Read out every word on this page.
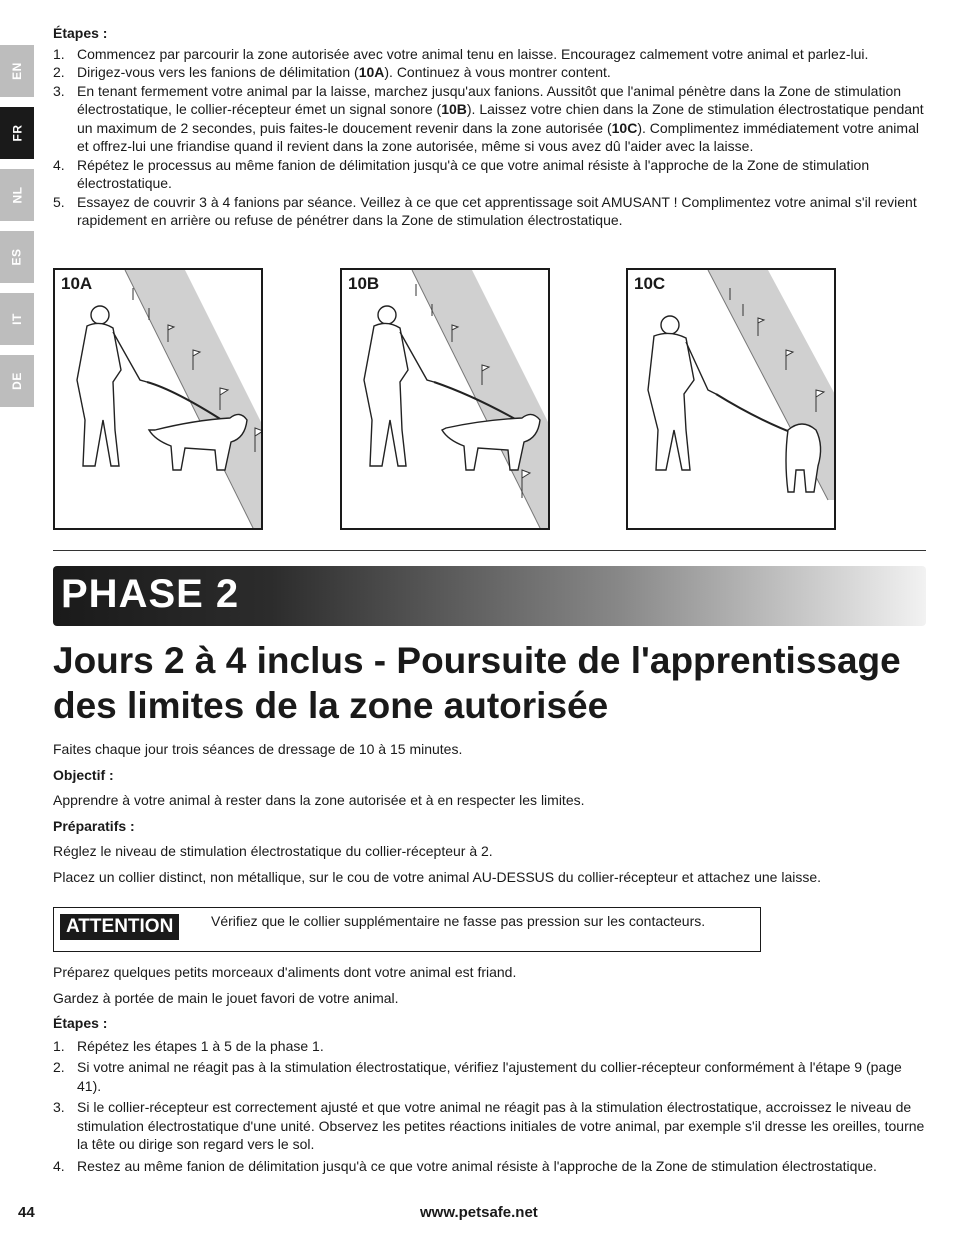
EN
FR
NL
ES
IT
DE
Étapes :
1. Commencez par parcourir la zone autorisée avec votre animal tenu en laisse. Encouragez calmement votre animal et parlez-lui.
2. Dirigez-vous vers les fanions de délimitation (10A). Continuez à vous montrer content.
3. En tenant fermement votre animal par la laisse, marchez jusqu'aux fanions. Aussitôt que l'animal pénètre dans la Zone de stimulation électrostatique, le collier-récepteur émet un signal sonore (10B). Laissez votre chien dans la Zone de stimulation électrostatique pendant un maximum de 2 secondes, puis faites-le doucement revenir dans la zone autorisée (10C). Complimentez immédiatement votre animal et offrez-lui une friandise quand il revient dans la zone autorisée, même si vous avez dû l'aider avec la laisse.
4. Répétez le processus au même fanion de délimitation jusqu'à ce que votre animal résiste à l'approche de la Zone de stimulation électrostatique.
5. Essayez de couvrir 3 à 4 fanions par séance. Veillez à ce que cet apprentissage soit AMUSANT ! Complimentez votre animal s'il revient rapidement en arrière ou refuse de pénétrer dans la Zone de stimulation électrostatique.
10A	10B	10C
PHASE 2
Jours 2 à 4 inclus - Poursuite de l'apprentissage des limites de la zone autorisée

Faites chaque jour trois séances de dressage de 10 à 15 minutes.

Objectif :

Apprendre à votre animal à rester dans la zone autorisée et à en respecter les limites.

Préparatifs :

Réglez le niveau de stimulation électrostatique du collier-récepteur à 2.

Placez un collier distinct, non métallique, sur le cou de votre animal AU-DESSUS du collier-récepteur et attachez une laisse.

ATTENTION	Vérifiez que le collier supplémentaire ne fasse pas pression sur les contacteurs.

Préparez quelques petits morceaux d'aliments dont votre animal est friand.

Gardez à portée de main le jouet favori de votre animal.

Étapes :

1. Répétez les étapes 1 à 5 de la phase 1.
2. Si votre animal ne réagit pas à la stimulation électrostatique, vérifiez l'ajustement du collier-récepteur conformément à l'étape 9 (page 41).
3. Si le collier-récepteur est correctement ajusté et que votre animal ne réagit pas à la stimulation électrostatique, accroissez le niveau de stimulation électrostatique d'une unité. Observez les petites réactions initiales de votre animal, par exemple s'il dresse les oreilles, tourne la tête ou dirige son regard vers le sol.
4. Restez au même fanion de délimitation jusqu'à ce que votre animal résiste à l'approche de la Zone de stimulation électrostatique.
44	www.petsafe.net
